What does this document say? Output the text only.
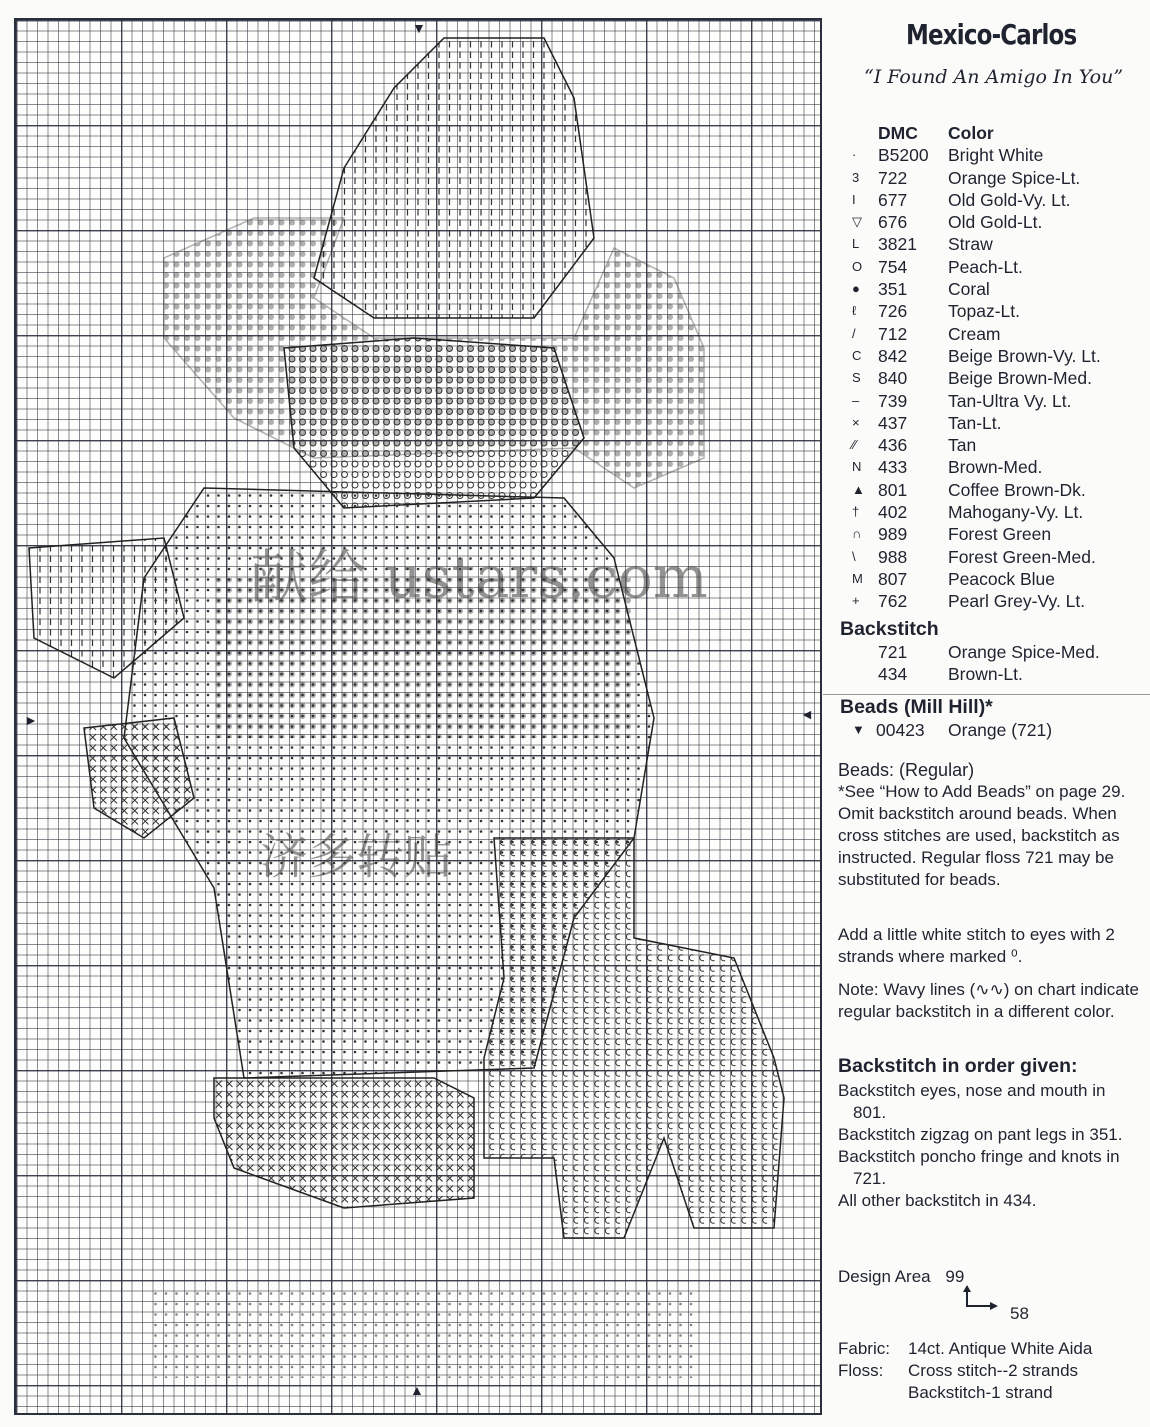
▼
▲
►	◄
献给 ustars.com
济多转贴
Mexico-Carlos
“I Found An Amigo In You”
DMC	Color
·	B5200	Bright White
3	722	Orange Spice-Lt.
I	677	Old Gold-Vy. Lt.
▽ 676	Old Gold-Lt.
L	3821	Straw
O 754	Peach-Lt.
●	351	Coral
ℓ	726	Topaz-Lt.
/	712	Cream
C 842	Beige Brown-Vy. Lt.
S 840	Beige Brown-Med.
–	739	Tan-Ultra Vy. Lt.
×	437	Tan-Lt.
⁄⁄	436	Tan
N 433	Brown-Med.
▲ 801	Coffee Brown-Dk.
†	402	Mahogany-Vy. Lt.
∩ 989	Forest Green
\	988	Forest Green-Med.
M 807	Peacock Blue
+	762	Pearl Grey-Vy. Lt.
Backstitch
721	Orange Spice-Med.
434	Brown-Lt.
Beads (Mill Hill)*
▼ 00423	Orange (721)
Beads: (Regular)
*See “How to Add Beads” on page 29. Omit backstitch around beads. When cross stitches are used, backstitch as instructed. Regular floss 721 may be substituted for beads.
Add a little white stitch to eyes with 2 strands where marked ⁰.
Note: Wavy lines (∿∿) on chart indicate regular backstitch in a different color.
Backstitch in order given:
Backstitch eyes, nose and mouth in 801.
Backstitch zigzag on pant legs in 351.
Backstitch poncho fringe and knots in 721.
All other backstitch in 434.
Design Area 99
58
Fabric: 14ct. Antique White Aida
Floss: Cross stitch--2 strands
Backstitch-1 strand
